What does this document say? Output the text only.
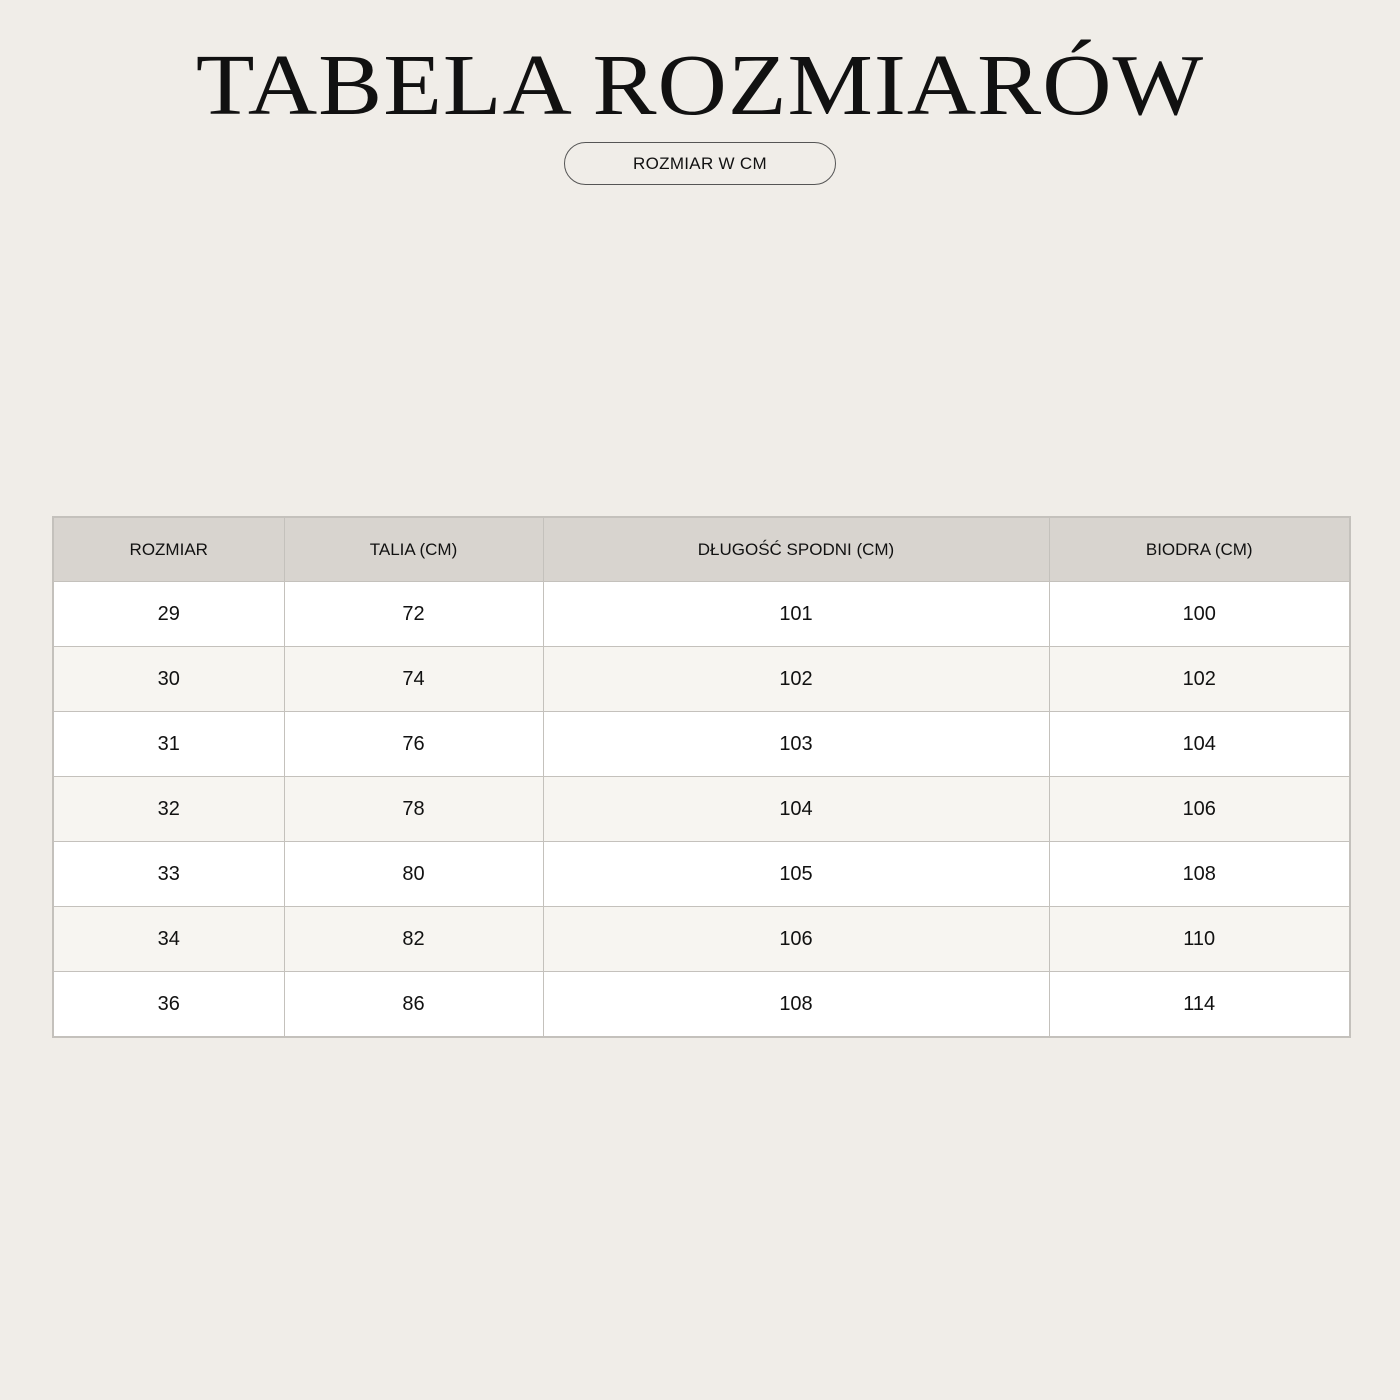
TABELA ROZMIARÓW
ROZMIAR W CM
ROZMIAR	TALIA (CM)	DŁUGOŚĆ SPODNI (CM)	BIODRA (CM)
29	72	101	100
30	74	102	102
31	76	103	104
32	78	104	106
33	80	105	108
34	82	106	110
36	86	108	114
